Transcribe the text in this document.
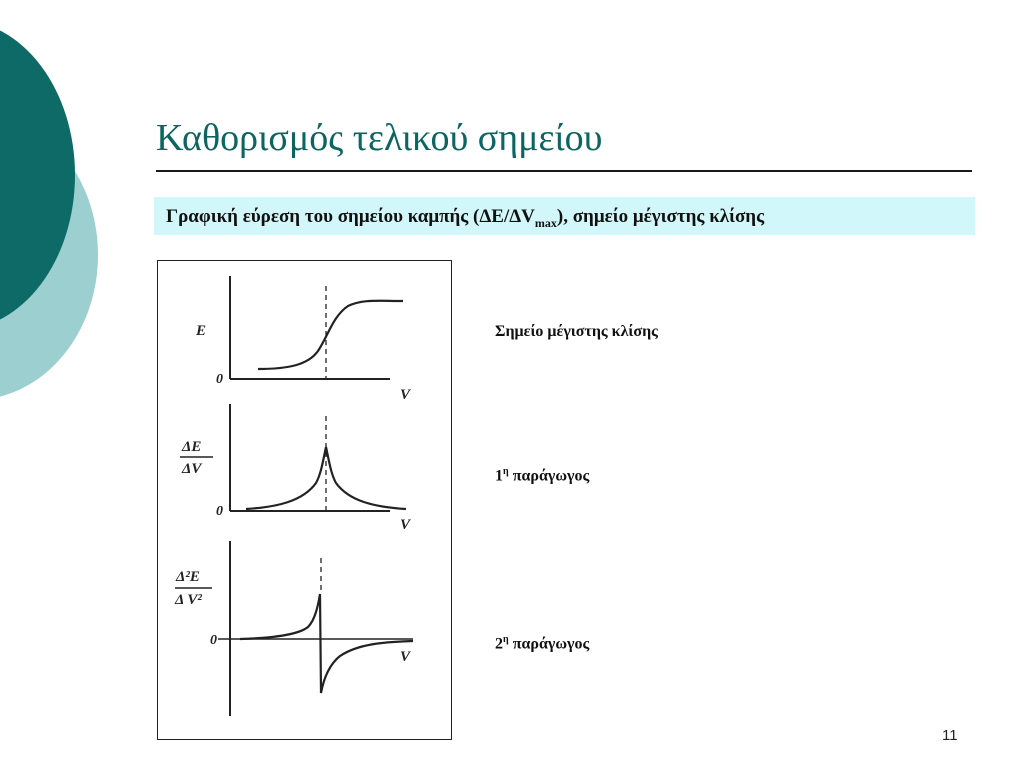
Καθορισμός τελικού σημείου
Γραφική εύρεση του σημείου καμπής $(\Delta E/\Delta V_{max})$, σημείο μέγιστης κλίσης
E
0
V
ΔE
ΔV
0
V
Δ²E
Δ V²
0
V
Σημείο μέγιστης κλίσης
$1^\eta$ παράγωγος
$2^\eta$ παράγωγος
11
